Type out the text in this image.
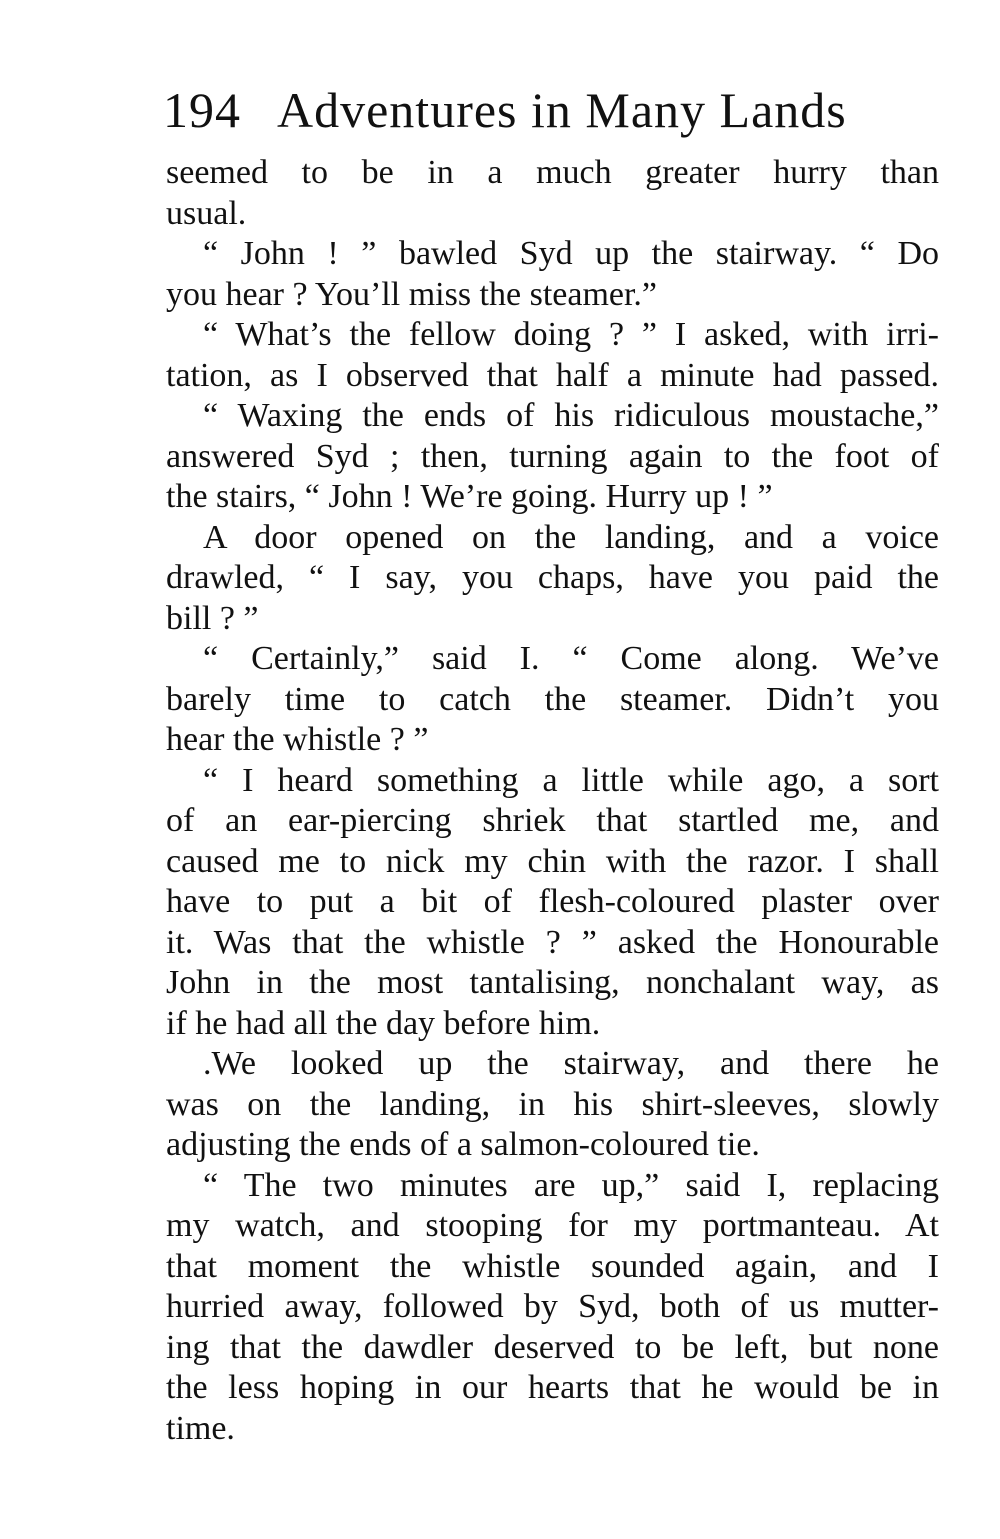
194 Adventures in Many Lands
seemed to be in a much greater hurry than
usual.
“ John ! ” bawled Syd up the stairway. “ Do
you hear ? You’ll miss the steamer.”
“ What’s the fellow doing ? ” I asked, with irri-
tation, as I observed that half a minute had passed.
“ Waxing the ends of his ridiculous moustache,”
answered Syd ; then, turning again to the foot of
the stairs, “ John ! We’re going. Hurry up ! ”
A door opened on the landing, and a voice
drawled, “ I say, you chaps, have you paid the
bill ? ”
“ Certainly,” said I. “ Come along. We’ve
barely time to catch the steamer. Didn’t you
hear the whistle ? ”
“ I heard something a little while ago, a sort
of an ear-piercing shriek that startled me, and
caused me to nick my chin with the razor. I shall
have to put a bit of flesh-coloured plaster over
it. Was that the whistle ? ” asked the Honourable
John in the most tantalising, nonchalant way, as
if he had all the day before him.
.We looked up the stairway, and there he
was on the landing, in his shirt-sleeves, slowly
adjusting the ends of a salmon-coloured tie.
“ The two minutes are up,” said I, replacing
my watch, and stooping for my portmanteau. At
that moment the whistle sounded again, and I
hurried away, followed by Syd, both of us mutter-
ing that the dawdler deserved to be left, but none
the less hoping in our hearts that he would be in
time.
